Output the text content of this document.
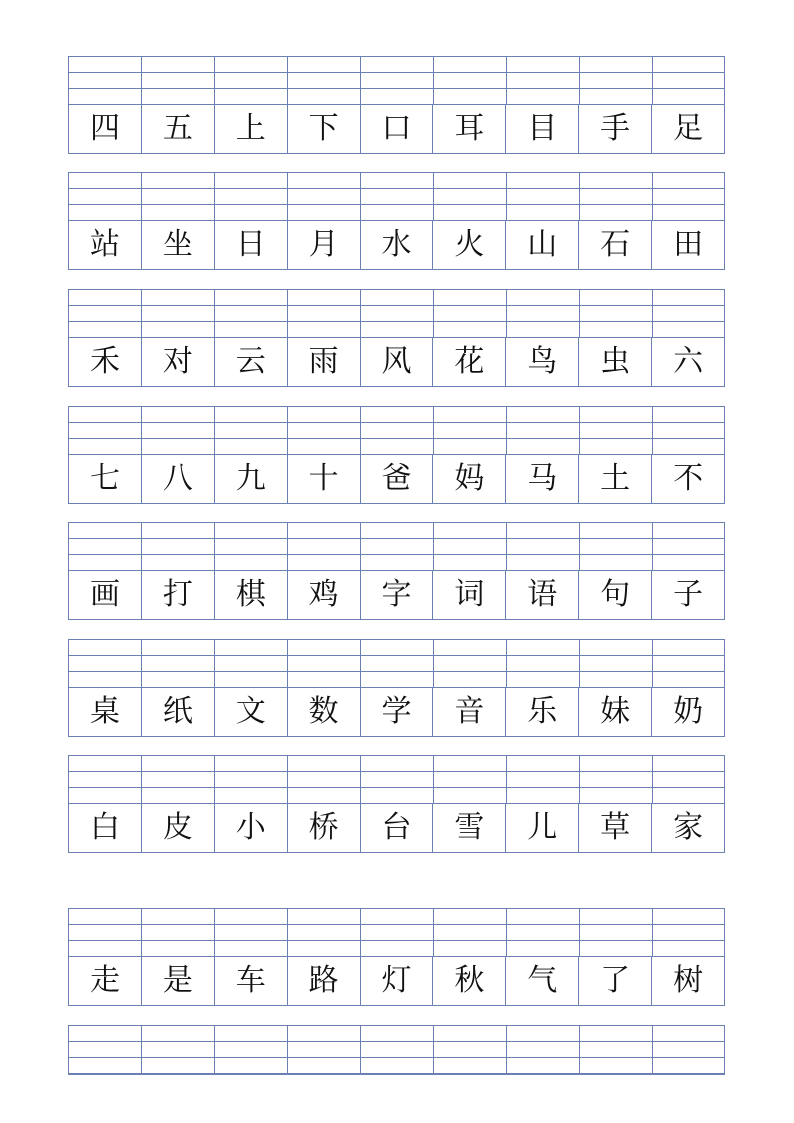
四	五	上	下	口	耳	目	手	足
站	坐	日	月	水	火	山	石	田
禾	对	云	雨	风	花	鸟	虫	六
七	八	九	十	爸	妈	马	土	不
画	打	棋	鸡	字	词	语	句	子
桌	纸	文	数	学	音	乐	妹	奶
白	皮	小	桥	台	雪	儿	草	家
走	是	车	路	灯	秋	气	了	树
